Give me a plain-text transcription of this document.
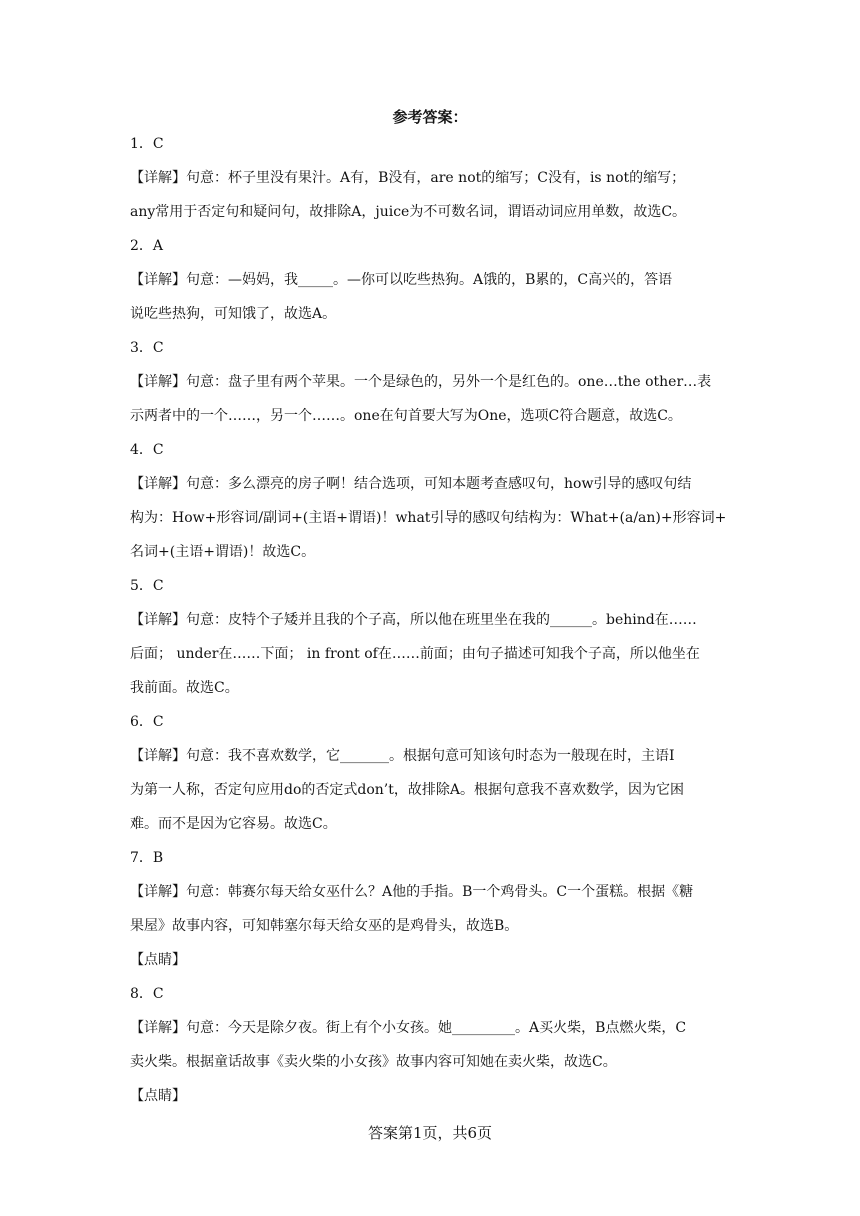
参考答案：
1．C
【详解】句意：杯子里没有果汁。A有，B没有，are not的缩写；C没有，is not的缩写；
any常用于否定句和疑问句，故排除A，juice为不可数名词，谓语动词应用单数，故选C。
2．A
【详解】句意：—妈妈，我_____。—你可以吃些热狗。A饿的，B累的，C高兴的，答语
说吃些热狗，可知饿了，故选A。
3．C
【详解】句意：盘子里有两个苹果。一个是绿色的，另外一个是红色的。one…the other…表
示两者中的一个……，另一个……。one在句首要大写为One，选项C符合题意，故选C。
4．C
【详解】句意：多么漂亮的房子啊！结合选项，可知本题考查感叹句，how引导的感叹句结
构为：How+形容词/副词+(主语+谓语)！what引导的感叹句结构为：What+(a/an)+形容词+
名词+(主语+谓语)！故选C。
5．C
【详解】句意：皮特个子矮并且我的个子高，所以他在班里坐在我的______。behind在……
后面； under在……下面； in front of在……前面；由句子描述可知我个子高，所以他坐在
我前面。故选C。
6．C
【详解】句意：我不喜欢数学，它_______。根据句意可知该句时态为一般现在时，主语I
为第一人称，否定句应用do的否定式don’t，故排除A。根据句意我不喜欢数学，因为它困
难。而不是因为它容易。故选C。
7．B
【详解】句意：韩赛尔每天给女巫什么？A他的手指。B一个鸡骨头。C一个蛋糕。根据《糖
果屋》故事内容，可知韩塞尔每天给女巫的是鸡骨头，故选B。
【点睛】
8．C
【详解】句意：今天是除夕夜。街上有个小女孩。她_________。A买火柴，B点燃火柴，C
卖火柴。根据童话故事《卖火柴的小女孩》故事内容可知她在卖火柴，故选C。
【点睛】
答案第1页，共6页
